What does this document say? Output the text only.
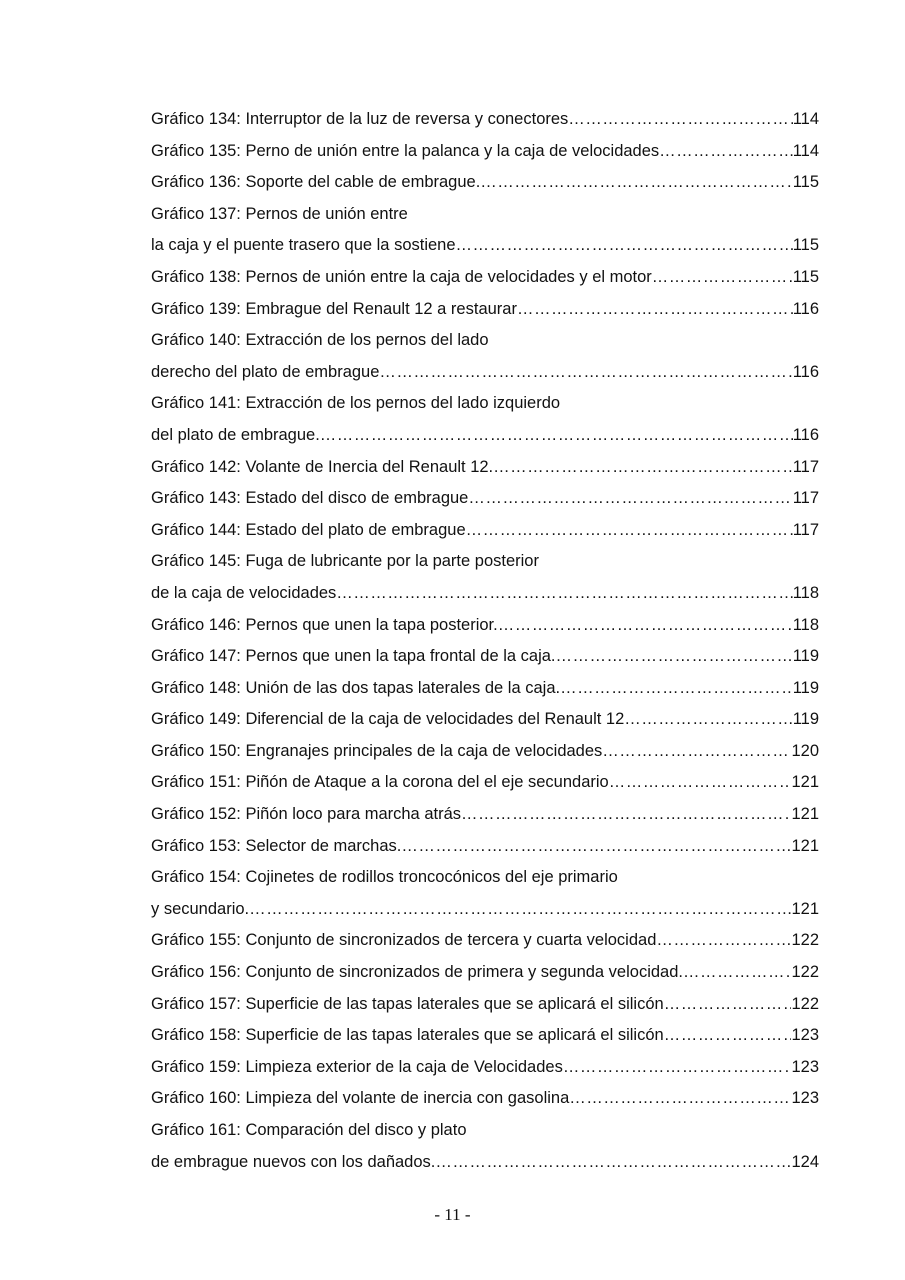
Gráfico 134: Interruptor de la luz de reversa y conectores ……………………………………………………………………………………………………………………………………………	114
Gráfico 135: Perno de unión entre la palanca y la caja de velocidades ……………………………………………………………………………………………………………………………………………	114
Gráfico 136: Soporte del cable de embrague. ……………………………………………………………………………………………………………………………………………	115
Gráfico 137: Pernos de unión entre
la caja y el puente trasero que la sostiene ……………………………………………………………………………………………………………………………………………	115
Gráfico 138: Pernos de unión entre la caja de velocidades y el motor ……………………………………………………………………………………………………………………………………………	115
Gráfico 139: Embrague del Renault 12 a restaurar ……………………………………………………………………………………………………………………………………………	116
Gráfico 140: Extracción de los pernos del lado
derecho del plato de embrague ……………………………………………………………………………………………………………………………………………	116
Gráfico 141: Extracción de los pernos del lado izquierdo
del plato de embrague. ……………………………………………………………………………………………………………………………………………	116
Gráfico 142: Volante de Inercia del Renault 12. ……………………………………………………………………………………………………………………………………………	117
Gráfico 143: Estado del disco de embrague ……………………………………………………………………………………………………………………………………………	117
Gráfico 144: Estado del plato de embrague ……………………………………………………………………………………………………………………………………………	117
Gráfico 145: Fuga de lubricante por la parte posterior
de la caja de velocidades ……………………………………………………………………………………………………………………………………………	118
Gráfico 146: Pernos que unen la tapa posterior. ……………………………………………………………………………………………………………………………………………	118
Gráfico 147: Pernos que unen la tapa frontal de la caja. ……………………………………………………………………………………………………………………………………………	119
Gráfico 148: Unión de las dos tapas laterales de la caja. ……………………………………………………………………………………………………………………………………………	119
Gráfico 149: Diferencial de la caja de velocidades del Renault 12 ……………………………………………………………………………………………………………………………………………	119
Gráfico 150: Engranajes principales de la caja de velocidades ……………………………………………………………………………………………………………………………………………	120
Gráfico 151: Piñón de Ataque a la corona del el eje secundario ……………………………………………………………………………………………………………………………………………	121
Gráfico 152: Piñón loco para marcha atrás ……………………………………………………………………………………………………………………………………………	121
Gráfico 153: Selector de marchas. ……………………………………………………………………………………………………………………………………………	121
Gráfico 154: Cojinetes de rodillos troncocónicos del eje primario
y secundario. ……………………………………………………………………………………………………………………………………………	121
Gráfico 155: Conjunto de sincronizados de tercera y cuarta velocidad ……………………………………………………………………………………………………………………………………………	122
Gráfico 156: Conjunto de sincronizados de primera y segunda velocidad. ……………………………………………………………………………………………………………………………………………	122
Gráfico 157: Superficie de las tapas laterales que se aplicará el silicón ……………………………………………………………………………………………………………………………………………	122
Gráfico 158: Superficie de las tapas laterales que se aplicará el silicón ……………………………………………………………………………………………………………………………………………	123
Gráfico 159: Limpieza exterior de la caja de Velocidades ……………………………………………………………………………………………………………………………………………	123
Gráfico 160: Limpieza del volante de inercia con gasolina ……………………………………………………………………………………………………………………………………………	123
Gráfico 161: Comparación del disco y plato
de embrague nuevos con los dañados. ……………………………………………………………………………………………………………………………………………	124
- 11 -
